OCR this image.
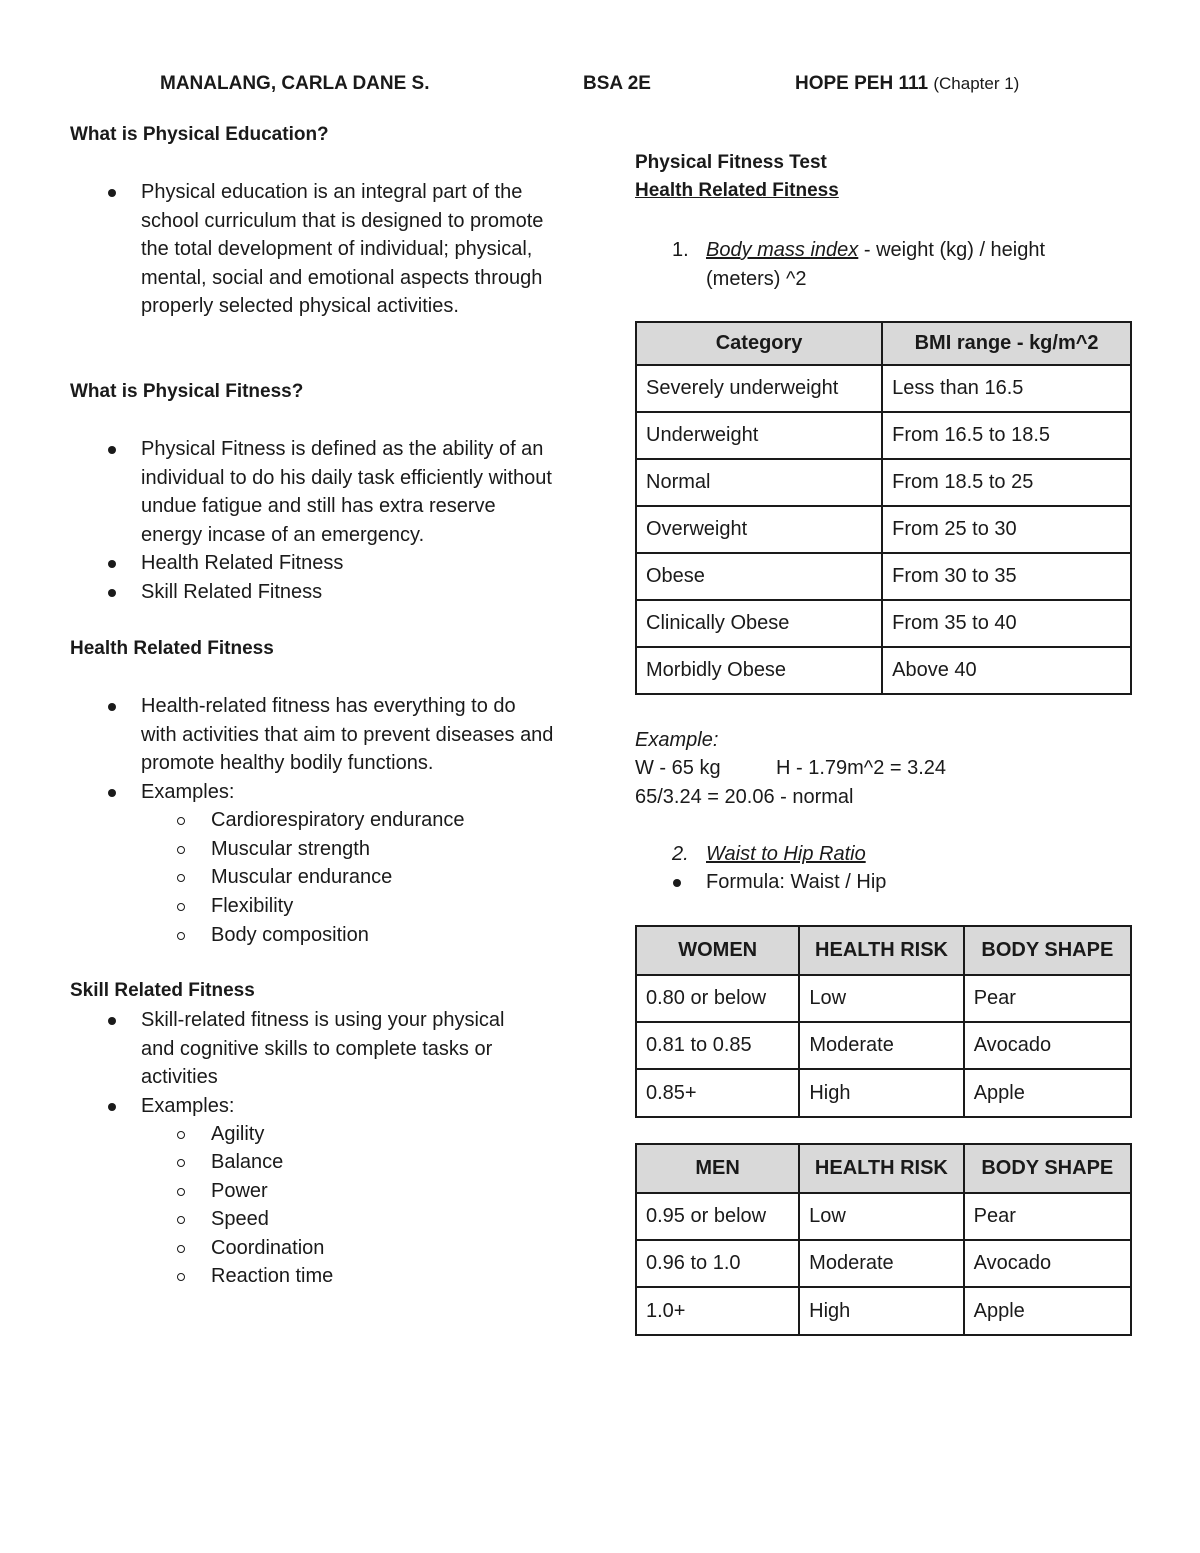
MANALANG, CARLA DANE S.	BSA 2E	HOPE PEH 111 (Chapter 1)
What is Physical Education?
Physical education is an integral part of the school curriculum that is designed to promote the total development of individual; physical, mental, social and emotional aspects through properly selected physical activities.
What is Physical Fitness?
Physical Fitness is defined as the ability of an individual to do his daily task efficiently without undue fatigue and still has extra reserve energy incase of an emergency.
Health Related Fitness
Skill Related Fitness
Health Related Fitness
Health-related fitness has everything to do with activities that aim to prevent diseases and promote healthy bodily functions.
Examples:
Cardiorespiratory endurance
Muscular strength
Muscular endurance
Flexibility
Body composition
Skill Related Fitness
Skill-related fitness is using your physical and cognitive skills to complete tasks or activities
Examples:
Agility
Balance
Power
Speed
Coordination
Reaction time
Physical Fitness Test
Health Related Fitness
1. Body mass index - weight (kg) / height
(meters) ^2
Category	BMI range - kg/m^2
Severely underweight	Less than 16.5
Underweight	From 16.5 to 18.5
Normal	From 18.5 to 25
Overweight	From 25 to 30
Obese	From 30 to 35
Clinically Obese	From 35 to 40
Morbidly Obese	Above 40
Example:
W - 65 kg	H - 1.79m^2 = 3.24
65/3.24 = 20.06 - normal
2. Waist to Hip Ratio
Formula: Waist / Hip
WOMEN	HEALTH RISK	BODY SHAPE
0.80 or below	Low	Pear
0.81 to 0.85	Moderate	Avocado
0.85+	High	Apple
MEN	HEALTH RISK	BODY SHAPE
0.95 or below	Low	Pear
0.96 to 1.0	Moderate	Avocado
1.0+	High	Apple
